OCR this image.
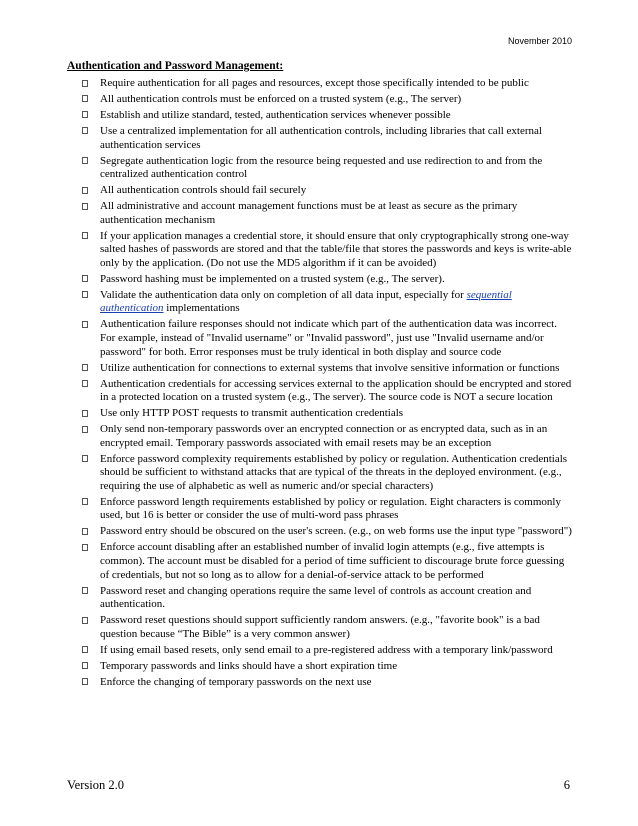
November 2010
Authentication and Password Management:
Require authentication for all pages and resources, except those specifically intended to be public
All authentication controls must be enforced on a trusted system (e.g., The server)
Establish and utilize standard, tested, authentication services whenever possible
Use a centralized implementation for all authentication controls, including libraries that call external authentication services
Segregate authentication logic from the resource being requested and use redirection to and from the centralized authentication control
All authentication controls should fail securely
All administrative and account management functions must be at least as secure as the primary authentication mechanism
If your application manages a credential store, it should ensure that only cryptographically strong one-way salted hashes of passwords are stored and that the table/file that stores the passwords and keys is write-able only by the application. (Do not use the MD5 algorithm if it can be avoided)
Password hashing must be implemented on a trusted system (e.g., The server).
Validate the authentication data only on completion of all data input, especially for sequential authentication implementations
Authentication failure responses should not indicate which part of the authentication data was incorrect. For example, instead of "Invalid username" or "Invalid password", just use "Invalid username and/or password" for both. Error responses must be truly identical in both display and source code
Utilize authentication for connections to external systems that involve sensitive information or functions
Authentication credentials for accessing services external to the application should be encrypted and stored in a protected location on a trusted system (e.g., The server). The source code is NOT a secure location
Use only HTTP POST requests to transmit authentication credentials
Only send non-temporary passwords over an encrypted connection or as encrypted data, such as in an encrypted email. Temporary passwords associated with email resets may be an exception
Enforce password complexity requirements established by policy or regulation. Authentication credentials should be sufficient to withstand attacks that are typical of the threats in the deployed environment. (e.g., requiring the use of alphabetic as well as numeric and/or special characters)
Enforce password length requirements established by policy or regulation. Eight characters is commonly used, but 16 is better or consider the use of multi-word pass phrases
Password entry should be obscured on the user's screen. (e.g., on web forms use the input type "password")
Enforce account disabling after an established number of invalid login attempts (e.g., five attempts is common). The account must be disabled for a period of time sufficient to discourage brute force guessing of credentials, but not so long as to allow for a denial-of-service attack to be performed
Password reset and changing operations require the same level of controls as account creation and authentication.
Password reset questions should support sufficiently random answers. (e.g., "favorite book" is a bad question because “The Bible” is a very common answer)
If using email based resets, only send email to a pre-registered address with a temporary link/password
Temporary passwords and links should have a short expiration time
Enforce the changing of temporary passwords on the next use
Version 2.0	6
